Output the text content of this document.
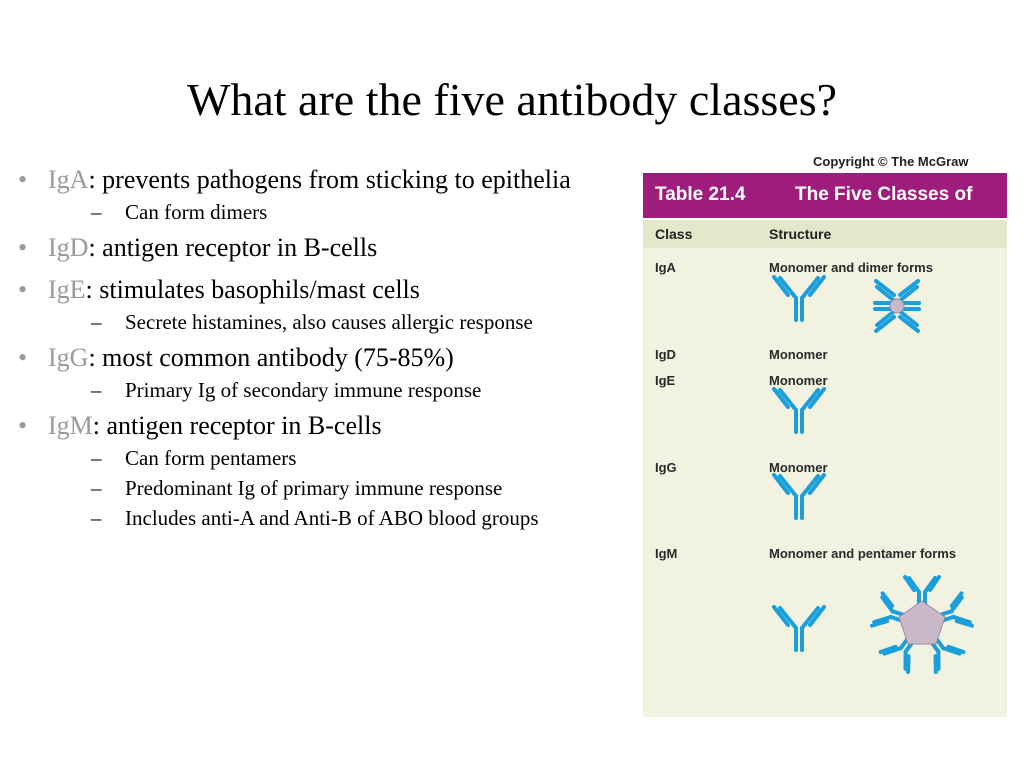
What are the five antibody classes?
• IgA: prevents pathogens from sticking to epithelia
– Can form dimers
• IgD: antigen receptor in B-cells
• IgE: stimulates basophils/mast cells
– Secrete histamines, also causes allergic response
• IgG: most common antibody (75-85%)
– Primary Ig of secondary immune response
• IgM: antigen receptor in B-cells
– Can form pentamers
– Predominant Ig of primary immune response
– Includes anti-A and Anti-B of ABO blood groups
Copyright © The McGraw
Table 21.4	The Five Classes of
Class	Structure
IgA	Monomer and dimer forms
IgD	Monomer
IgE	Monomer
IgG	Monomer
IgM	Monomer and pentamer forms
